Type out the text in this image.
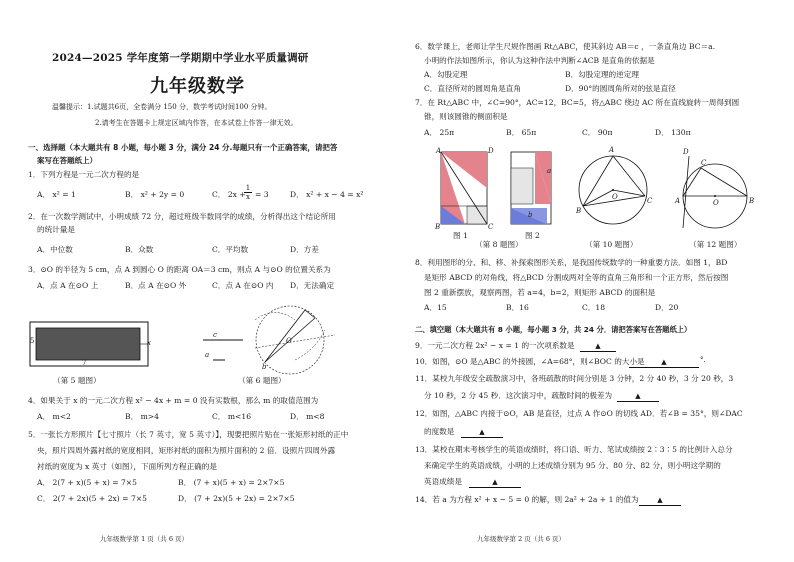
2024—2025 学年度第一学期期中学业水平质量调研
九年级数学
温馨提示：1.试题共6页，全卷满分 150 分，数学考试时间100 分钟。
2.请考生在答题卡上规定区域内作答，在本试卷上作答一律无效。
一、选择题（本大题共有 8 小题，每小题 3 分，满分 24 分.每题只有一个正确答案，请把答
案写在答题纸上）
1．下列方程是一元二次方程的是
A． x² = 1	B． x² + 2y = 0	C． 2x +
1
x = 3	D． x² + x − 4 = x²
2．在一次数学测试中，小明成绩 72 分，超过班级半数同学的成绩，分析得出这个结论所用
的统计量是
A．中位数	B．众数	C．平均数	D．方差
3．⊙O 的半径为 5 cm，点 A 到圆心 O 的距离 OA＝3 cm，则点 A 与⊙O 的位置关系为
A．点 A 在⊙O 上	B．点 A 在⊙O 外	C．点 A 在⊙O 内 D．无法确定
5
7
x
（第 5 题图）
c
a
b
O
（第 6 题图）
4．如果关于 x 的一元二次方程 x² − 4x + m = 0 没有实数根，那么 m 的取值范围为
A． m<2	B． m>4	C． m<16	D． m<8
5．一张长方形照片【七寸照片（长 7 英寸，宽 5 英寸）】，现要把照片贴在一张矩形衬纸的正中
央，照片四周外露衬纸的宽度相同，矩形衬纸的面积为照片面积的 2 倍．设照片四周外露
衬纸的宽度为 x 英寸（如图），下面所列方程正确的是
A． 2(7 + x)(5 + x) = 7×5	B． (7 + x)(5 + x) = 2×7×5
C． 2(7 + 2x)(5 + 2x) = 7×5	D． (7 + 2x)(5 + 2x) = 2×7×5
九年级数学第 1 页（共 6 页）
6．数学课上，老师让学生尺规作图画 Rt△ABC，使其斜边 AB＝c ，一条直角边 BC＝a.
小明的作法如图所示，你认为这种作法中判断∠ACB 是直角的依据是
A．勾股定理	B．勾股定理的逆定理
C．直径所对的圆周角是直角	D．90°的圆周角所对的弦是直径
7．在 Rt△ABC 中，∠C=90°，AC=12，BC=5，将△ABC 绕边 AC 所在直线旋转一周得到圆
锥，则该圆锥的侧面积是
A． 25π	B． 65π	C． 90π	D． 130π
A	D
B	C
图 1
a
b
图 2
（第 8 题图）
A
B
C
O
（第 10 题图）
D
C
A	B
O
（第 12 题图）
8．利用图形的分、和、移、补探索图形关系，是我国传统数学的一种重要方法．如图 1，BD
是矩形 ABCD 的对角线，将△BCD 分割成两对全等的直角三角形和一个正方形，然后按图
图 2 重新摆放，观察两图，若 a=4，b=2，则矩形 ABCD 的面积是
A．15	B．16	C．18	D．20
二、填空题（本大题共有 8 小题，每小题 3 分，共 24 分．请把答案写在答题纸上）
9．一元二次方程 2x² − x = 1 的一次项系数是	▲
10．如图，⊙O 是△ABC 的外接圆，∠A=68°，则∠BOC 的大小是	▲	°.
11．某校九年级安全疏散演习中，各班疏散的时间分别是 3 分钟，2 分 40 秒，3 分 20 秒，3
分 10 秒，2 分 45 秒．这次演习中，疏散时间的极差为	▲
12．如图，△ABC 内接于⊙O，AB 是直径，过点 A 作⊙O 的切线 AD．若∠B = 35°，则∠DAC
的度数是	▲
13．某校在期末考核学生的英语成绩时，将口语、听力、笔试成绩按 2∶3∶5 的比例计入总分
来确定学生的英语成绩，小明的上述成绩分别为 95 分、80 分、82 分，则小明这学期的
英语成绩是	▲
14．若 a 为方程 x² + x − 5 = 0 的解，则 2a² + 2a + 1 的值为	▲
九年级数学第 2 页（共 6 页）
